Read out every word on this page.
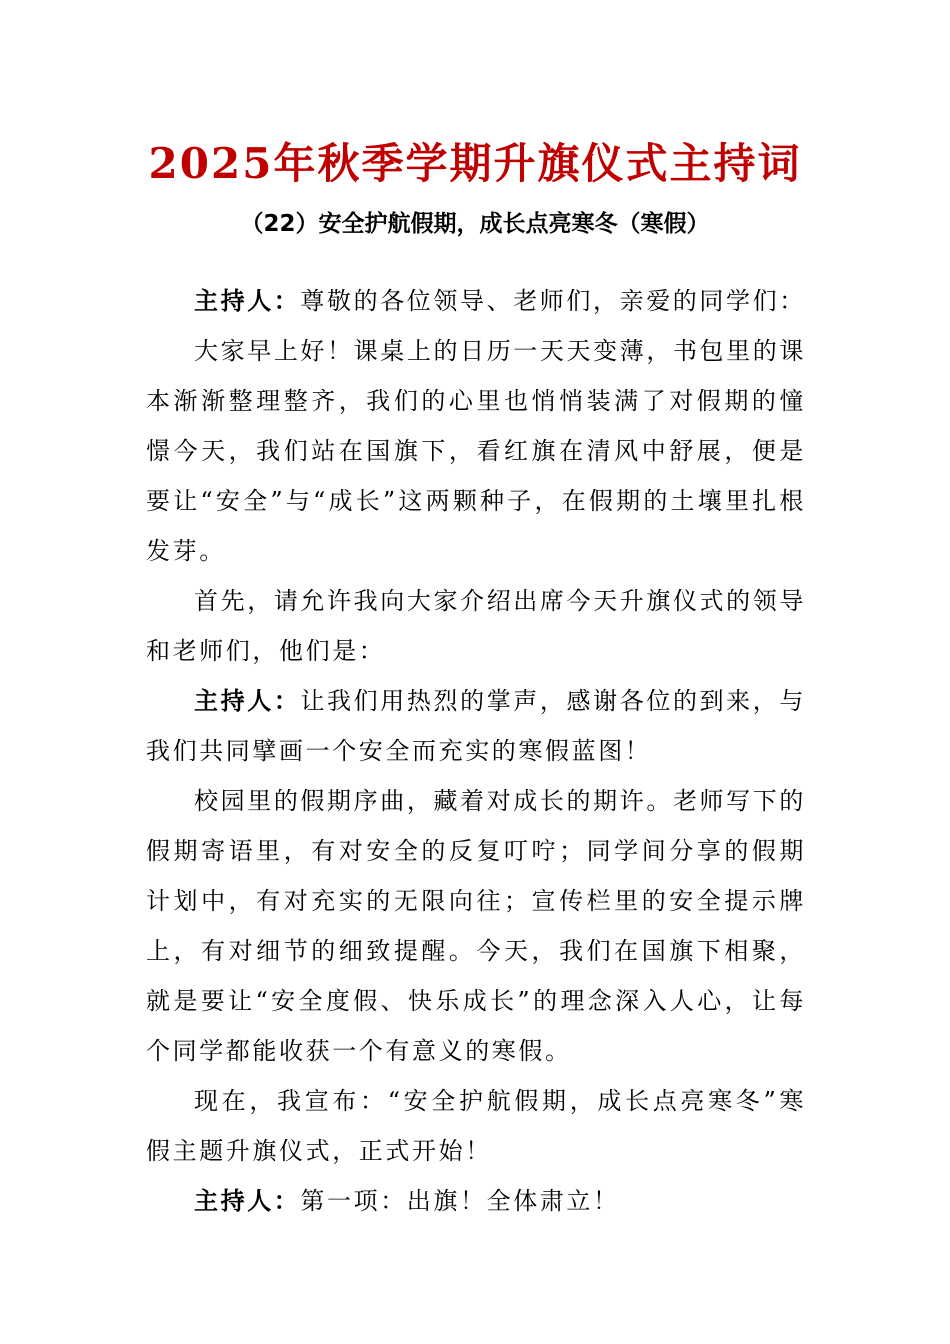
2025年秋季学期升旗仪式主持词
（22）安全护航假期，成长点亮寒冬（寒假）

主持人：尊敬的各位领导、老师们，亲爱的同学们：

大家早上好！课桌上的日历一天天变薄，书包里的课本渐渐整理整齐，我们的心里也悄悄装满了对假期的憧憬今天，我们站在国旗下，看红旗在清风中舒展，便是要让“安全”与“成长”这两颗种子，在假期的土壤里扎根发芽。

首先，请允许我向大家介绍出席今天升旗仪式的领导和老师们，他们是：

主持人：让我们用热烈的掌声，感谢各位的到来，与我们共同擘画一个安全而充实的寒假蓝图！

校园里的假期序曲，藏着对成长的期许。老师写下的假期寄语里，有对安全的反复叮咛；同学间分享的假期计划中，有对充实的无限向往；宣传栏里的安全提示牌上，有对细节的细致提醒。今天，我们在国旗下相聚，就是要让“安全度假、快乐成长”的理念深入人心，让每个同学都能收获一个有意义的寒假。

现在，我宣布：“安全护航假期，成长点亮寒冬”寒假主题升旗仪式，正式开始！

主持人：第一项：出旗！全体肃立！
